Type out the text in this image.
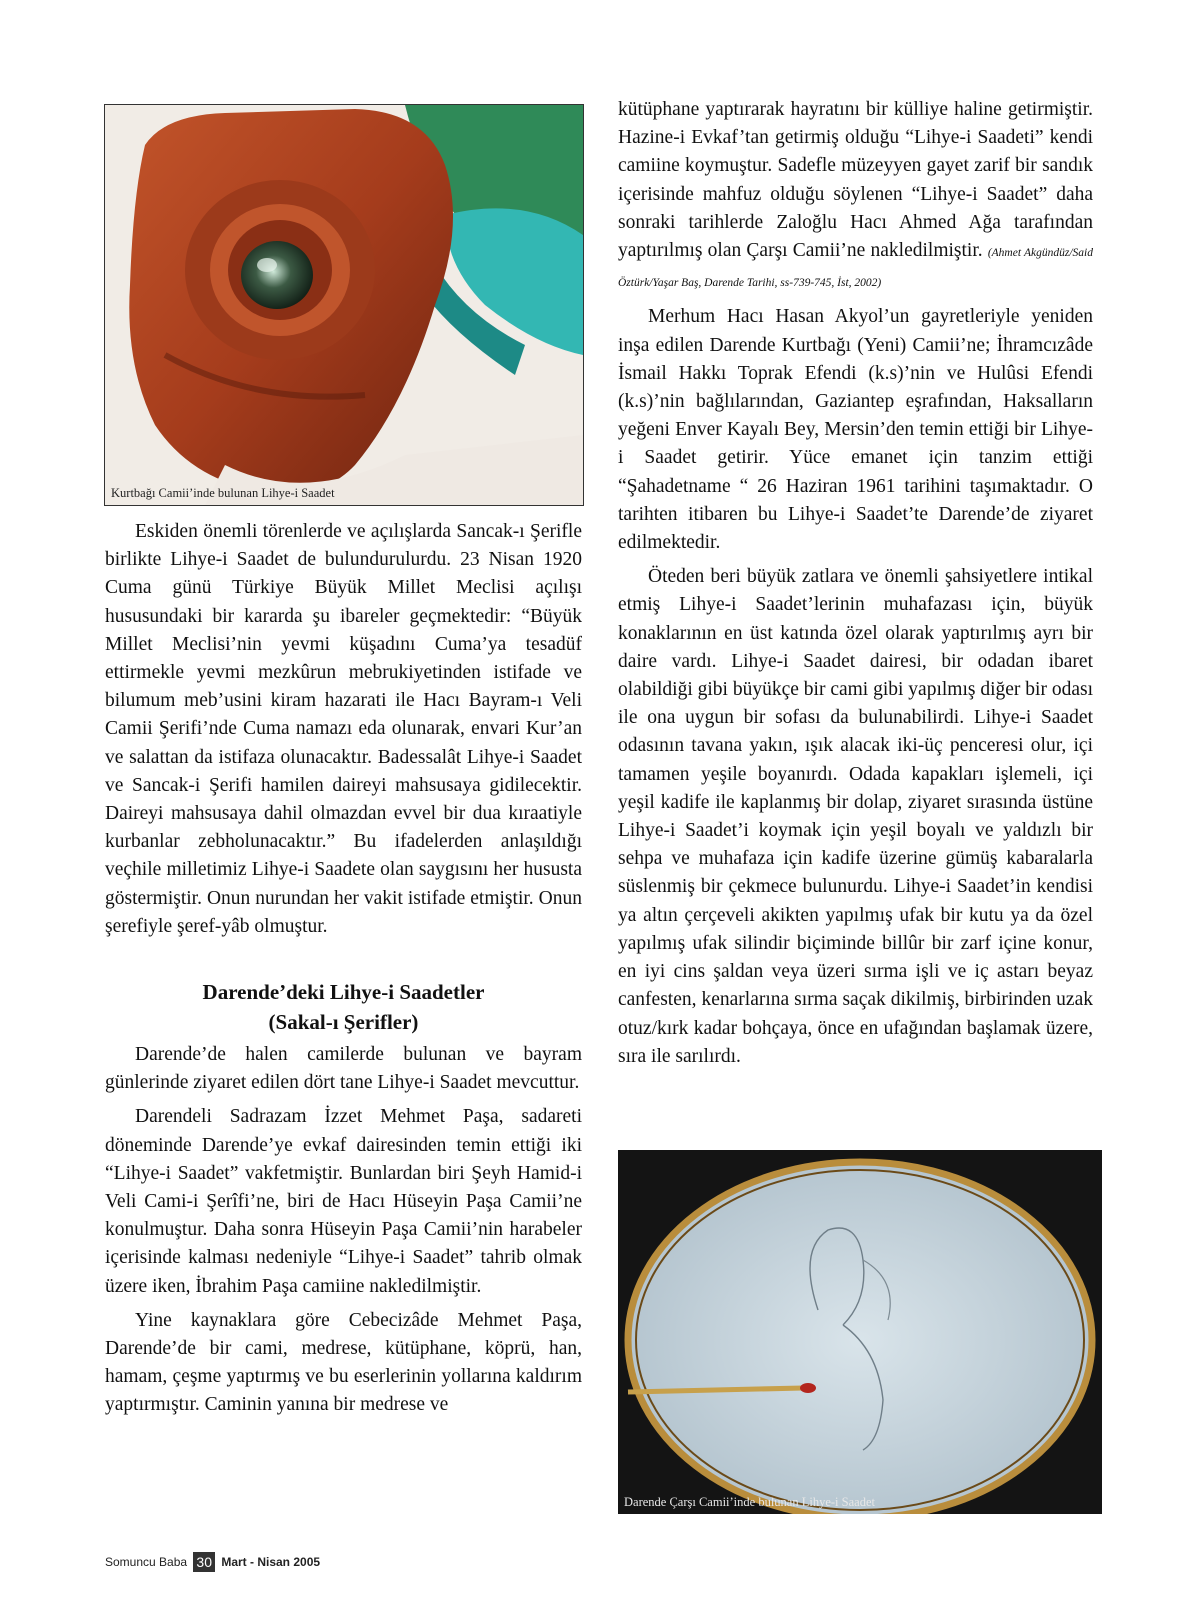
Kurtbağı Camii’inde bulunan Lihye-i Saadet

Eskiden önemli törenlerde ve açılışlarda Sancak-ı Şerifle birlikte Lihye-i Saadet de bulundurulurdu. 23 Nisan 1920 Cuma günü Türkiye Büyük Millet Meclisi açılışı hususundaki bir kararda şu ibareler geçmektedir: “Büyük Millet Meclisi’nin yevmi küşadını Cuma’ya tesadüf ettirmekle yevmi mezkûrun mebrukiyetinden istifade ve bilumum meb’usini kiram hazarati ile Hacı Bayram-ı Veli Camii Şerifi’nde Cuma namazı eda olunarak, envari Kur’an ve salattan da istifaza olunacaktır. Badessalât Lihye-i Saadet ve Sancak-i Şerifi hamilen daireyi mahsusaya gidilecektir. Daireyi mahsusaya dahil olmazdan evvel bir dua kıraatiyle kurbanlar zebholunacaktır.” Bu ifadelerden anlaşıldığı veçhile milletimiz Lihye-i Saadete olan saygısını her hususta göstermiştir. Onun nurundan her vakit istifade etmiştir. Onun şerefiyle şeref-yâb olmuştur.

Darende’deki Lihye-i Saadetler
(Sakal-ı Şerifler)

Darende’de halen camilerde bulunan ve bayram günlerinde ziyaret edilen dört tane Lihye-i Saadet mevcuttur.

Darendeli Sadrazam İzzet Mehmet Paşa, sadareti döneminde Darende’ye evkaf dairesinden temin ettiği iki “Lihye-i Saadet” vakfetmiştir. Bunlardan biri Şeyh Hamid-i Veli Cami-i Şerîfi’ne, biri de Hacı Hüseyin Paşa Camii’ne konulmuştur. Daha sonra Hüseyin Paşa Camii’nin harabeler içerisinde kalması nedeniyle “Lihye-i Saadet” tahrib olmak üzere iken, İbrahim Paşa camiine nakledilmiştir.

Yine kaynaklara göre Cebecizâde Mehmet Paşa, Darende’de bir cami, medrese, kütüphane, köprü, han, hamam, çeşme yaptırmış ve bu eserlerinin yollarına kaldırım yaptırmıştır. Caminin yanına bir medrese ve

kütüphane yaptırarak hayratını bir külliye haline getirmiştir. Hazine-i Evkaf’tan getirmiş olduğu “Lihye-i Saadeti” kendi camiine koymuştur. Sadefle müzeyyen gayet zarif bir sandık içerisinde mahfuz olduğu söylenen “Lihye-i Saadet” daha sonraki tarihlerde Zaloğlu Hacı Ahmed Ağa tarafından yaptırılmış olan Çarşı Camii’ne nakledilmiştir. (Ahmet Akgündüz/Said Öztürk/Yaşar Baş, Darende Tarihi, ss-739-745, İst, 2002)

Merhum Hacı Hasan Akyol’un gayretleriyle yeniden inşa edilen Darende Kurtbağı (Yeni) Camii’ne; İhramcızâde İsmail Hakkı Toprak Efendi (k.s)’nin ve Hulûsi Efendi (k.s)’nin bağlılarından, Gaziantep eşrafından, Haksalların yeğeni Enver Kayalı Bey, Mersin’den temin ettiği bir Lihye-i Saadet getirir. Yüce emanet için tanzim ettiği “Şahadetname “ 26 Haziran 1961 tarihini taşımaktadır. O tarihten itibaren bu Lihye-i Saadet’te Darende’de ziyaret edilmektedir.

Öteden beri büyük zatlara ve önemli şahsiyetlere intikal etmiş Lihye-i Saadet’lerinin muhafazası için, büyük konaklarının en üst katında özel olarak yaptırılmış ayrı bir daire vardı. Lihye-i Saadet dairesi, bir odadan ibaret olabildiği gibi büyükçe bir cami gibi yapılmış diğer bir odası ile ona uygun bir sofası da bulunabilirdi. Lihye-i Saadet odasının tavana yakın, ışık alacak iki-üç penceresi olur, içi tamamen yeşile boyanırdı. Odada kapakları işlemeli, içi yeşil kadife ile kaplanmış bir dolap, ziyaret sırasında üstüne Lihye-i Saadet’i koymak için yeşil boyalı ve yaldızlı bir sehpa ve muhafaza için kadife üzerine gümüş kabaralarla süslenmiş bir çekmece bulunurdu. Lihye-i Saadet’in kendisi ya altın çerçeveli akikten yapılmış ufak bir kutu ya da özel yapılmış ufak silindir biçiminde billûr bir zarf içine konur, en iyi cins şaldan veya üzeri sırma işli ve iç astarı beyaz canfesten, kenarlarına sırma saçak dikilmiş, birbirinden uzak otuz/kırk kadar bohçaya, önce en ufağından başlamak üzere, sıra ile sarılırdı.

Darende Çarşı Camii’inde bulunan Lihye-i Saadet
Somuncu Baba 30 Mart - Nisan 2005
